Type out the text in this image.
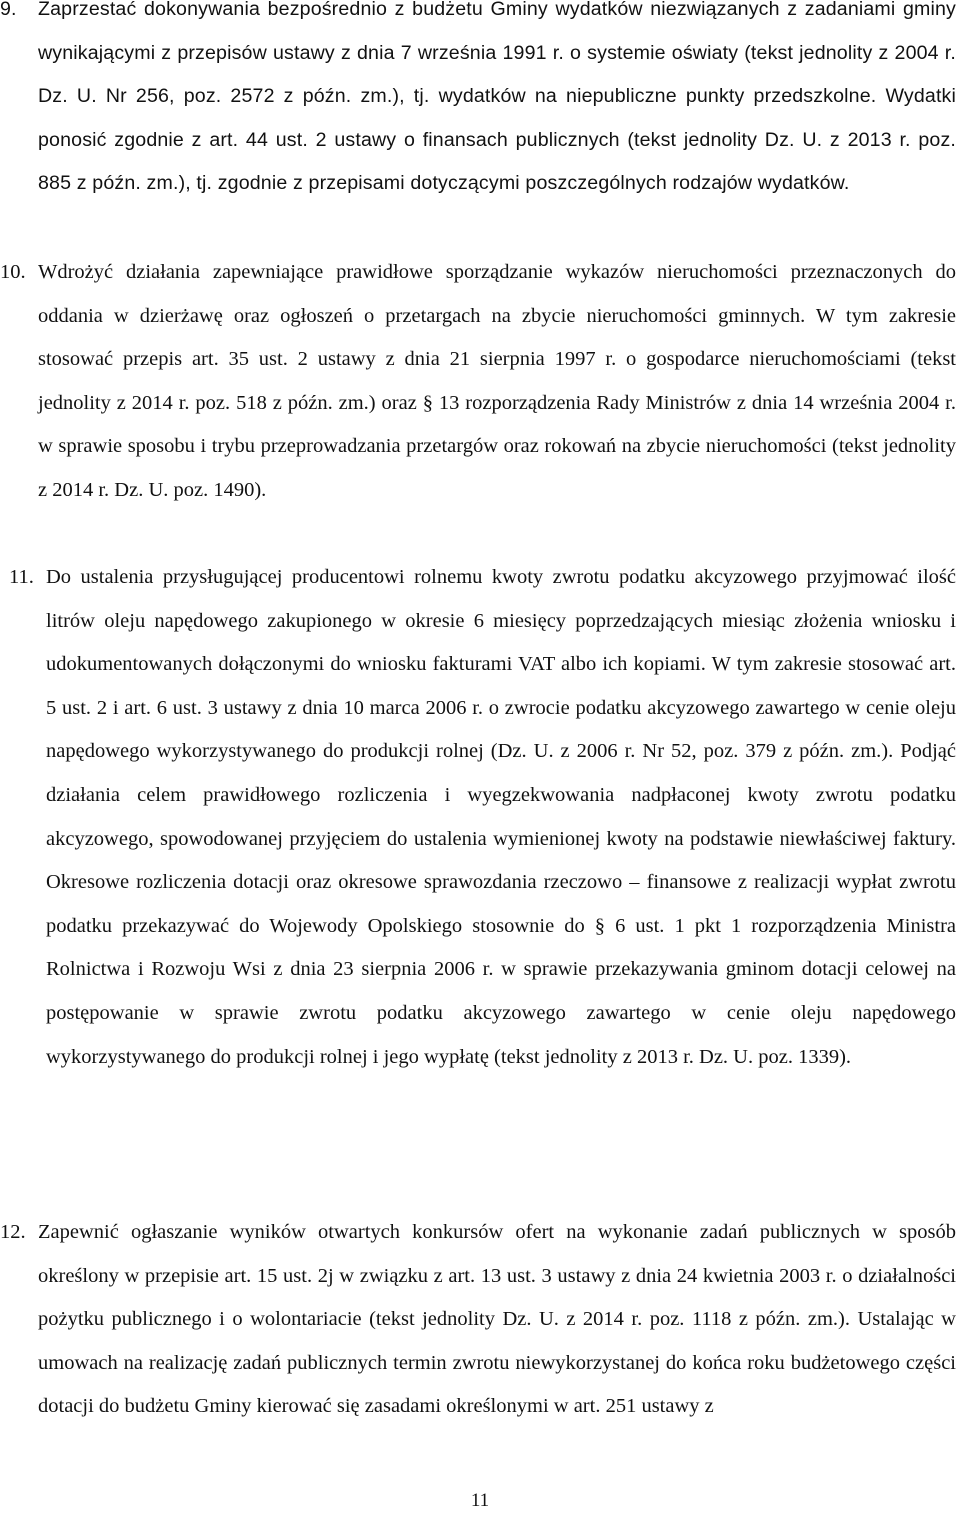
9. Zaprzestać dokonywania bezpośrednio z budżetu Gminy wydatków niezwiązanych z zadaniami gminy wynikającymi z przepisów ustawy z dnia 7 września 1991 r. o systemie oświaty (tekst jednolity z 2004 r. Dz. U. Nr 256, poz. 2572 z późn. zm.), tj. wydatków na niepubliczne punkty przedszkolne. Wydatki ponosić zgodnie z art. 44 ust. 2 ustawy o finansach publicznych (tekst jednolity Dz. U. z 2013 r. poz. 885 z późn. zm.), tj. zgodnie z przepisami dotyczącymi poszczególnych rodzajów wydatków.

10. Wdrożyć działania zapewniające prawidłowe sporządzanie wykazów nieruchomości przeznaczonych do oddania w dzierżawę oraz ogłoszeń o przetargach na zbycie nieruchomości gminnych. W tym zakresie stosować przepis art. 35 ust. 2 ustawy z dnia 21 sierpnia 1997 r. o gospodarce nieruchomościami (tekst jednolity z 2014 r. poz. 518 z późn. zm.) oraz § 13 rozporządzenia Rady Ministrów z dnia 14 września 2004 r. w sprawie sposobu i trybu przeprowadzania przetargów oraz rokowań na zbycie nieruchomości (tekst jednolity z 2014 r. Dz. U. poz. 1490).

11. Do ustalenia przysługującej producentowi rolnemu kwoty zwrotu podatku akcyzowego przyjmować ilość litrów oleju napędowego zakupionego w okresie 6 miesięcy poprzedzających miesiąc złożenia wniosku i udokumentowanych dołączonymi do wniosku fakturami VAT albo ich kopiami. W tym zakresie stosować art. 5 ust. 2 i art. 6 ust. 3 ustawy z dnia 10 marca 2006 r. o zwrocie podatku akcyzowego zawartego w cenie oleju napędowego wykorzystywanego do produkcji rolnej (Dz. U. z 2006 r. Nr 52, poz. 379 z późn. zm.). Podjąć działania celem prawidłowego rozliczenia i wyegzekwowania nadpłaconej kwoty zwrotu podatku akcyzowego, spowodowanej przyjęciem do ustalenia wymienionej kwoty na podstawie niewłaściwej faktury. Okresowe rozliczenia dotacji oraz okresowe sprawozdania rzeczowo – finansowe z realizacji wypłat zwrotu podatku przekazywać do Wojewody Opolskiego stosownie do § 6 ust. 1 pkt 1 rozporządzenia Ministra Rolnictwa i Rozwoju Wsi z dnia 23 sierpnia 2006 r. w sprawie przekazywania gminom dotacji celowej na postępowanie w sprawie zwrotu podatku akcyzowego zawartego w cenie oleju napędowego wykorzystywanego do produkcji rolnej i jego wypłatę (tekst jednolity z 2013 r. Dz. U. poz. 1339).

12. Zapewnić ogłaszanie wyników otwartych konkursów ofert na wykonanie zadań publicznych w sposób określony w przepisie art. 15 ust. 2j w związku z art. 13 ust. 3 ustawy z dnia 24 kwietnia 2003 r. o działalności pożytku publicznego i o wolontariacie (tekst jednolity Dz. U. z 2014 r. poz. 1118 z późn. zm.). Ustalając w umowach na realizację zadań publicznych termin zwrotu niewykorzystanej do końca roku budżetowego części dotacji do budżetu Gminy kierować się zasadami określonymi w art. 251 ustawy z

11
